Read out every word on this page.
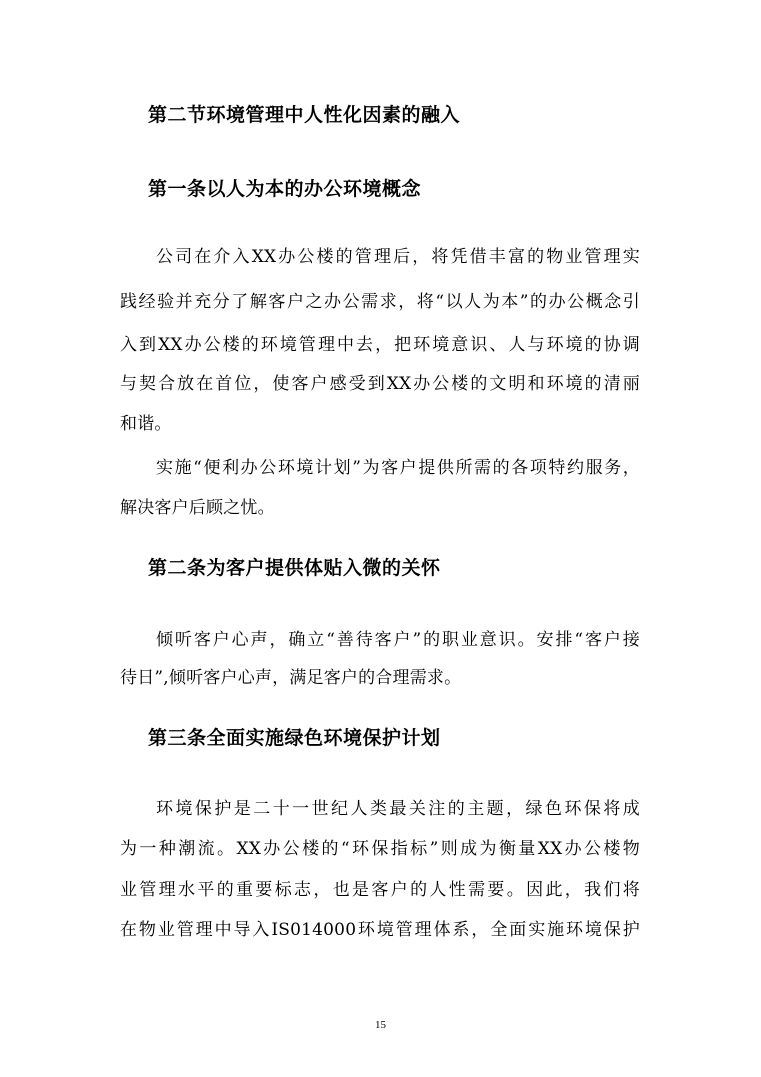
第二节环境管理中人性化因素的融入
第一条以人为本的办公环境概念
公司在介入XX办公楼的管理后，将凭借丰富的物业管理实
践经验并充分了解客户之办公需求，将“以人为本”的办公概念引
入到XX办公楼的环境管理中去，把环境意识、人与环境的协调
与契合放在首位，使客户感受到XX办公楼的文明和环境的清丽
和谐。
实施“便利办公环境计划”为客户提供所需的各项特约服务，
解决客户后顾之忧。
第二条为客户提供体贴入微的关怀
倾听客户心声，确立“善待客户”的职业意识。安排“客户接
待日”,倾听客户心声，满足客户的合理需求。
第三条全面实施绿色环境保护计划
环境保护是二十一世纪人类最关注的主题，绿色环保将成
为一种潮流。XX办公楼的“环保指标”则成为衡量XX办公楼物
业管理水平的重要标志，也是客户的人性需要。因此，我们将
在物业管理中导入IS014000环境管理体系，全面实施环境保护
15
